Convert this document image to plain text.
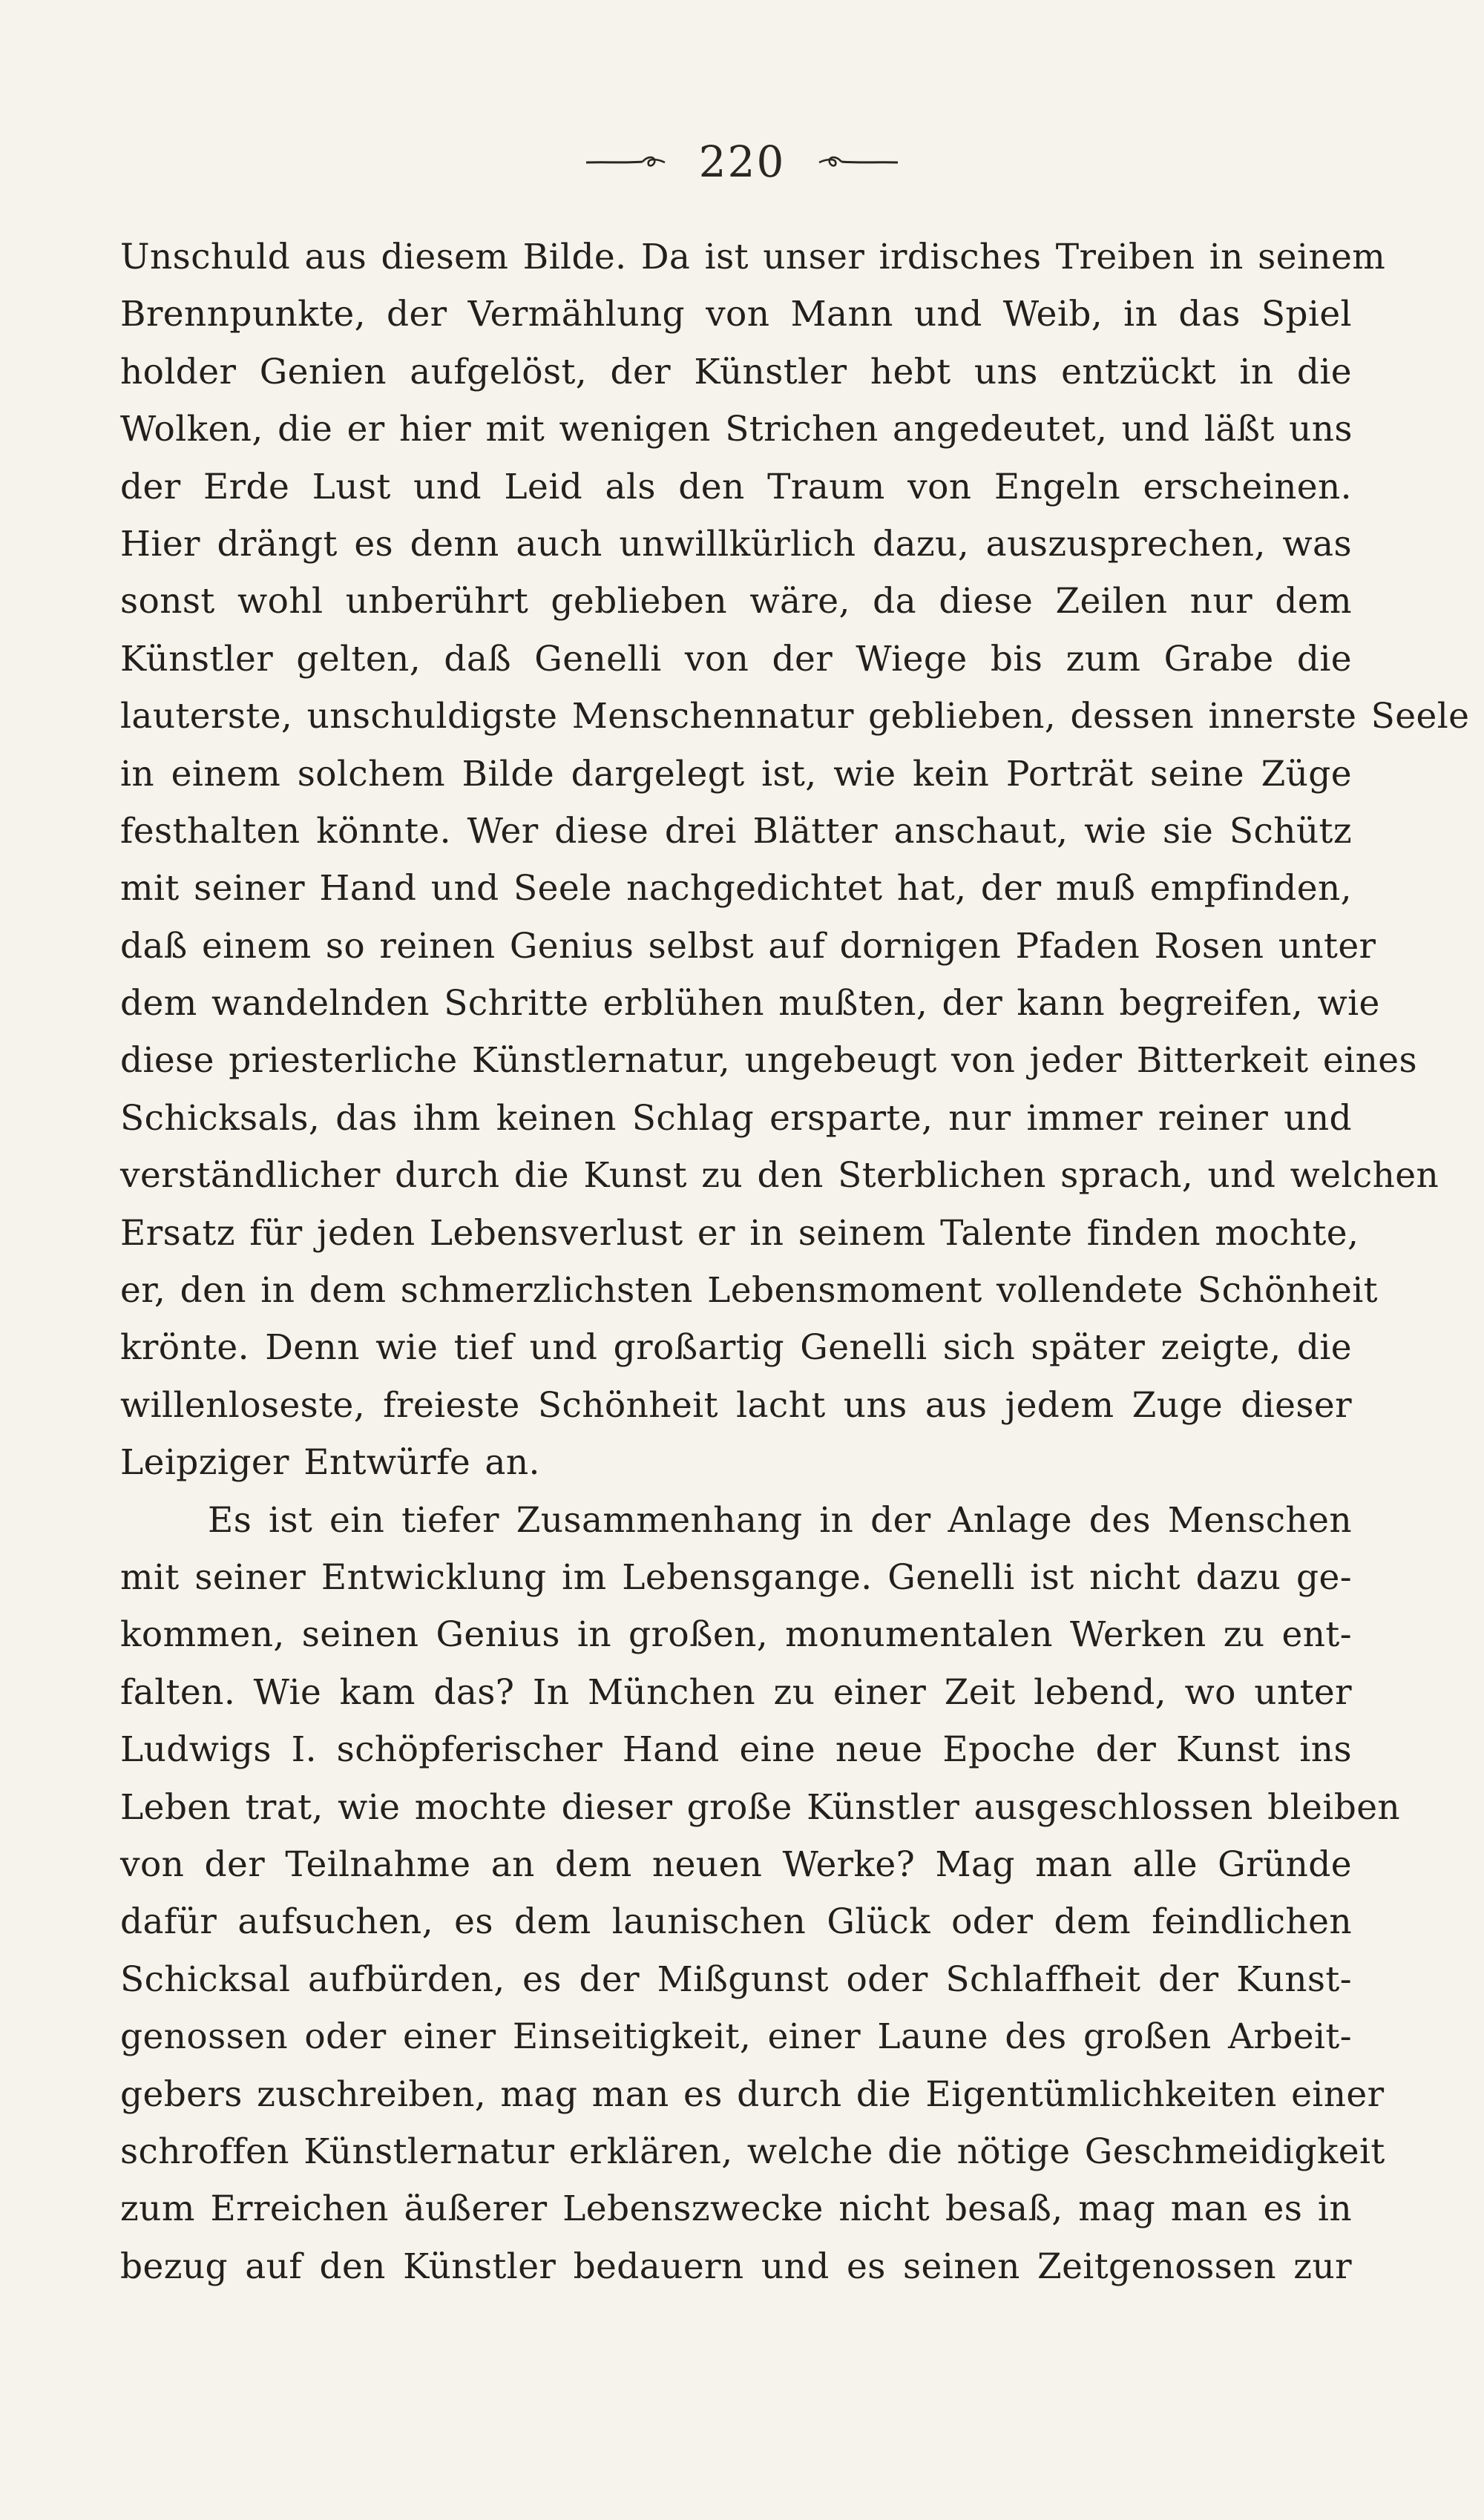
220
Unschuld aus diesem Bilde. Da ist unser irdisches Treiben in seinem
Brennpunkte, der Vermählung von Mann und Weib, in das Spiel
holder Genien aufgelöst, der Künstler hebt uns entzückt in die
Wolken, die er hier mit wenigen Strichen angedeutet, und läßt uns
der Erde Lust und Leid als den Traum von Engeln erscheinen.
Hier drängt es denn auch unwillkürlich dazu, auszusprechen, was
sonst wohl unberührt geblieben wäre, da diese Zeilen nur dem
Künstler gelten, daß Genelli von der Wiege bis zum Grabe die
lauterste, unschuldigste Menschennatur geblieben, dessen innerste Seele
in einem solchem Bilde dargelegt ist, wie kein Porträt seine Züge
festhalten könnte. Wer diese drei Blätter anschaut, wie sie Schütz
mit seiner Hand und Seele nachgedichtet hat, der muß empfinden,
daß einem so reinen Genius selbst auf dornigen Pfaden Rosen unter
dem wandelnden Schritte erblühen mußten, der kann begreifen, wie
diese priesterliche Künstlernatur, ungebeugt von jeder Bitterkeit eines
Schicksals, das ihm keinen Schlag ersparte, nur immer reiner und
verständlicher durch die Kunst zu den Sterblichen sprach, und welchen
Ersatz für jeden Lebensverlust er in seinem Talente finden mochte,
er, den in dem schmerzlichsten Lebensmoment vollendete Schönheit
krönte. Denn wie tief und großartig Genelli sich später zeigte, die
willenloseste, freieste Schönheit lacht uns aus jedem Zuge dieser
Leipziger Entwürfe an.
Es ist ein tiefer Zusammenhang in der Anlage des Menschen
mit seiner Entwicklung im Lebensgange. Genelli ist nicht dazu ge-
kommen, seinen Genius in großen, monumentalen Werken zu ent-
falten. Wie kam das? In München zu einer Zeit lebend, wo unter
Ludwigs I. schöpferischer Hand eine neue Epoche der Kunst ins
Leben trat, wie mochte dieser große Künstler ausgeschlossen bleiben
von der Teilnahme an dem neuen Werke? Mag man alle Gründe
dafür aufsuchen, es dem launischen Glück oder dem feindlichen
Schicksal aufbürden, es der Mißgunst oder Schlaffheit der Kunst-
genossen oder einer Einseitigkeit, einer Laune des großen Arbeit-
gebers zuschreiben, mag man es durch die Eigentümlichkeiten einer
schroffen Künstlernatur erklären, welche die nötige Geschmeidigkeit
zum Erreichen äußerer Lebenszwecke nicht besaß, mag man es in
bezug auf den Künstler bedauern und es seinen Zeitgenossen zur
